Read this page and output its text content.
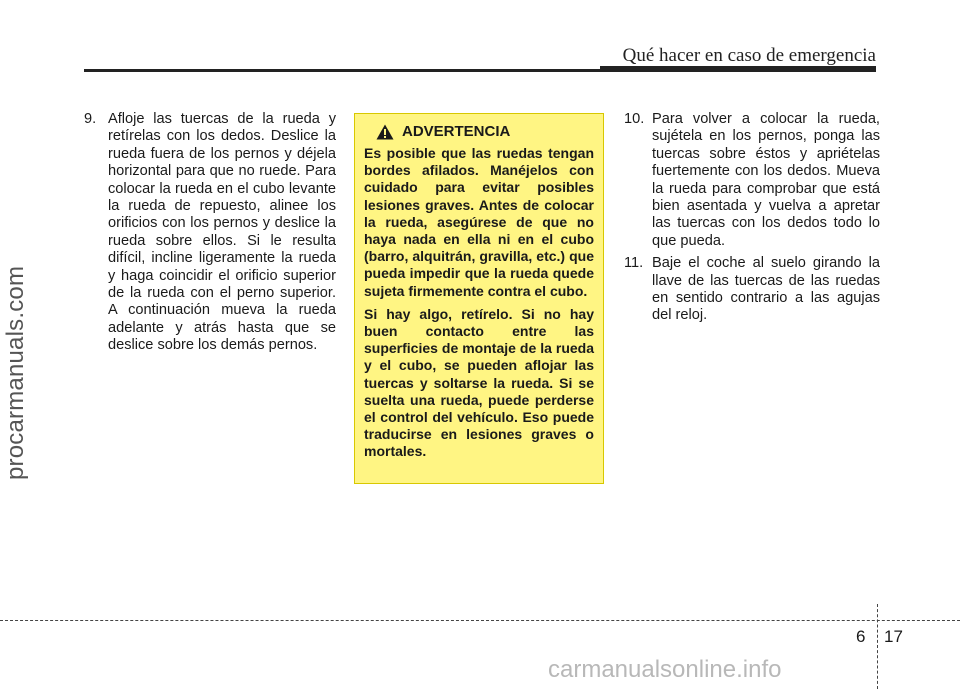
Qué hacer en caso de emergencia
procarmanuals.com
9. Afloje las tuercas de la rueda y retírelas con los dedos. Deslice la rueda fuera de los pernos y déjela horizontal para que no ruede. Para colocar la rueda en el cubo levante la rueda de repuesto, alinee los orificios con los pernos y deslice la rueda sobre ellos. Si le resulta difícil, incline ligeramente la rueda y haga coincidir el orificio superior de la rueda con el perno superior. A continuación mueva la rueda adelante y atrás hasta que se deslice sobre los demás pernos.
ADVERTENCIA

Es posible que las ruedas tengan bordes afilados. Manéjelos con cuidado para evitar posibles lesiones graves. Antes de colocar la rueda, asegúrese de que no haya nada en ella ni en el cubo (barro, alquitrán, gravilla, etc.) que pueda impedir que la rueda quede sujeta firmemente contra el cubo.

Si hay algo, retírelo. Si no hay buen contacto entre las superficies de montaje de la rueda y el cubo, se pueden aflojar las tuercas y soltarse la rueda. Si se suelta una rueda, puede perderse el control del vehículo. Eso puede traducirse en lesiones graves o mortales.

10. Para volver a colocar la rueda, sujétela en los pernos, ponga las tuercas sobre éstos y apriételas fuertemente con los dedos. Mueva la rueda para comprobar que está bien asentada y vuelva a apretar las tuercas con los dedos todo lo que pueda.
11. Baje el coche al suelo girando la llave de las tuercas de las ruedas en sentido contrario a las agujas del reloj.
6 17
carmanualsonline.info
